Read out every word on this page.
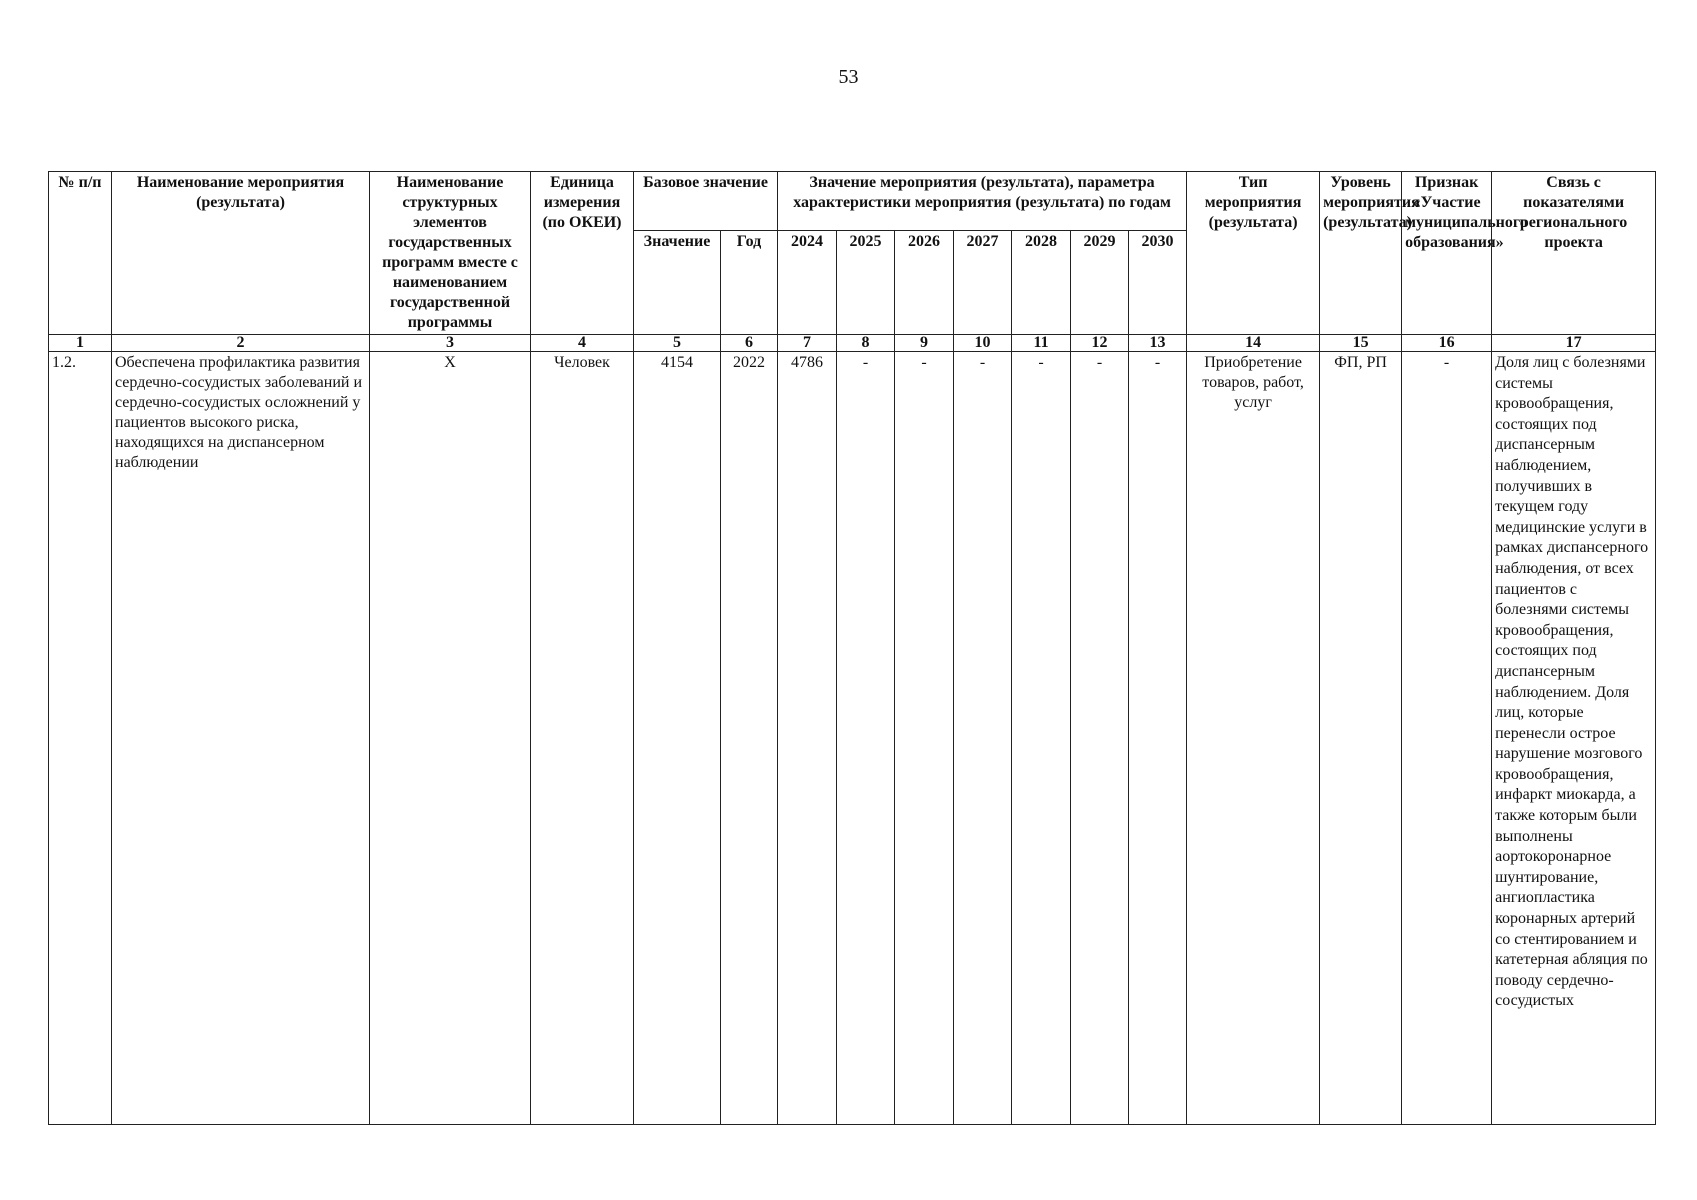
53
№ п/п	Наименование мероприятия (результата)	Наименование структурных элементов государственных программ вместе с наименованием государственной программы	Единица измерения (по ОКЕИ)	Базовое значение		Значение мероприятия (результата), параметра характеристики мероприятия (результата) по годам							Тип мероприятия (результата)	Уровень мероприятия (результата)	Признак «Участие муниципального образования»	Связь с показателями регионального проекта
				Значение	Год	2024	2025	2026	2027	2028	2029	2030				
1	2	3	4	5	6	7	8	9	10	11	12	13	14	15	16	17
1.2.	Обеспечена профилактика развития сердечно-сосудистых заболеваний и сердечно-сосудистых осложнений у пациентов высокого риска, находящихся на диспансерном наблюдении	Х	Человек	4154	2022	4786	-	-	-	-	-	-	Приобретение товаров, работ, услуг	ФП, РП	-	Доля лиц с болезнями системы кровообращения, состоящих под диспансерным наблюдением, получивших в текущем году медицинские услуги в рамках диспансерного наблюдения, от всех пациентов с болезнями системы кровообращения, состоящих под диспансерным наблюдением. Доля лиц, которые перенесли острое нарушение мозгового кровообращения, инфаркт миокарда, а также которым были выполнены аортокоронарное шунтирование, ангиопластика коронарных артерий со стентированием и катетерная абляция по поводу сердечно-сосудистых
